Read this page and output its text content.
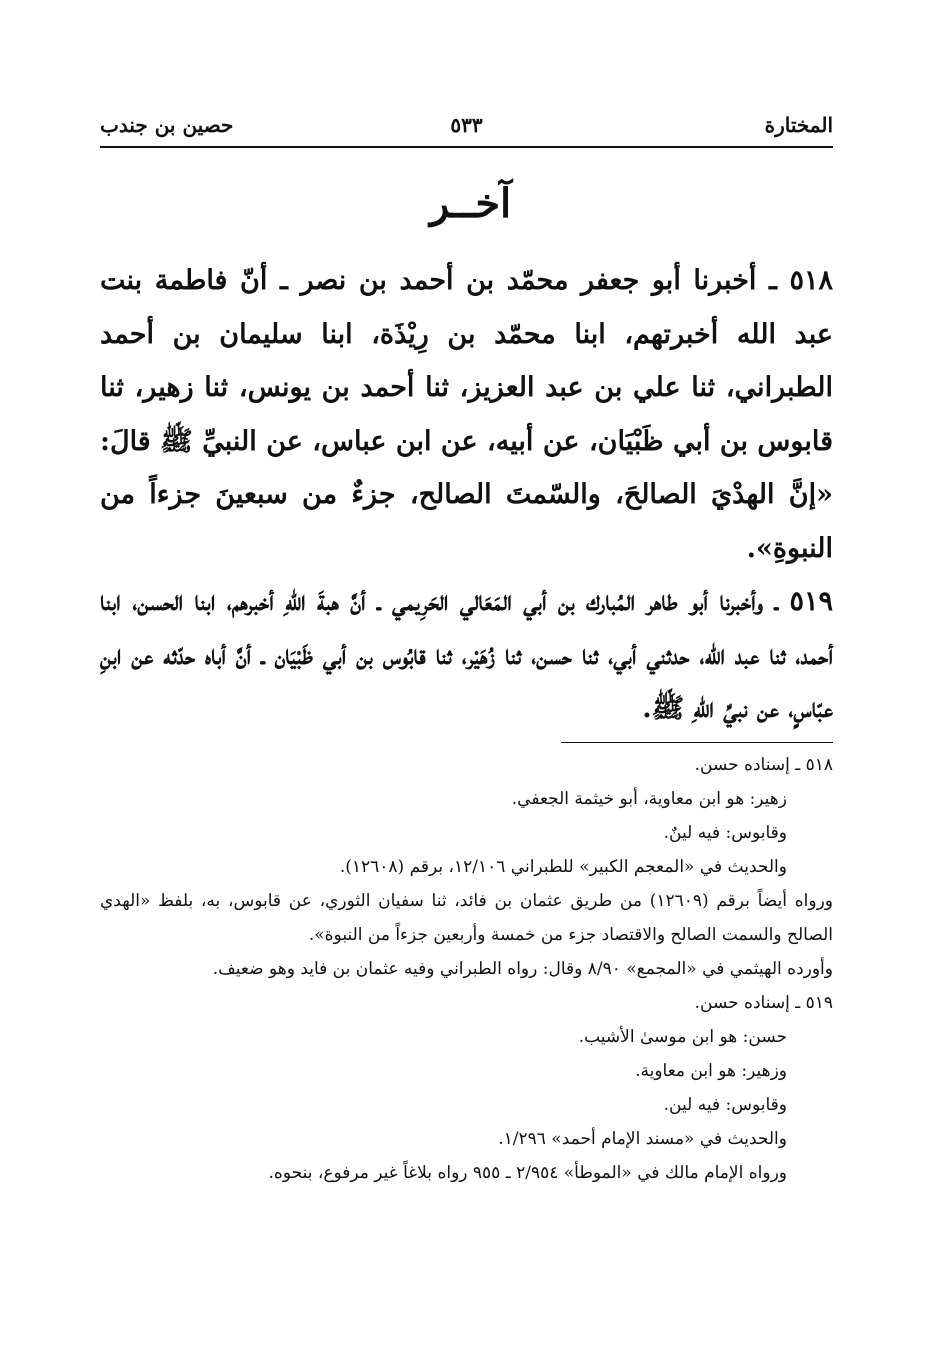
المختارة
٥٣٣
حصين بن جندب
آخــر

٥١٨ ـ أخبرنا أبو جعفر محمّد بن أحمد بن نصر ـ أنّ فاطمة بنت عبد الله أخبرتهم، ابنا محمّد بن رِيْذَة، ابنا سليمان بن أحمد الطبراني، ثنا علي بن عبد العزيز، ثنا أحمد بن يونس، ثنا زهير، ثنا قابوس بن أبي ظَبْيَان، عن أبيه، عن ابن عباس، عن النبيِّ ﷺ قالَ: «إنَّ الهدْيَ الصالحَ، والسّمتَ الصالح، جزءٌ من سبعينَ جزءاً من النبوةِ».

٥١٩ ـ وأخبرنا أبو طاهر المُبارك بن أبي المَعَالي الحَرِيمي ـ أنَّ هبةَ اللّهِ أخبرهم، ابنا الحسن، ابنا أحمد، ثنا عبد الله، حدثني أبي، ثنا حسن، ثنا زُهَيْر، ثنا قابُوس بن أبي ظَبْيَان ـ أنَّ أباه حدّثه عن ابنِ عبّاسٍ، عن نبيِّ اللّهِ ﷺ.

٥١٨ ـ إسناده حسن.

زهير: هو ابن معاوية، أبو خيثمة الجعفي.

وقابوس: فيه لينٌ.

والحديث في «المعجم الكبير» للطبراني ١٢/١٠٦، برقم (١٢٦٠٨).

ورواه أيضاً برقم (١٢٦٠٩) من طريق عثمان بن فائد، ثنا سفيان الثوري، عن قابوس، به، بلفظ «الهدي الصالح والسمت الصالح والاقتصاد جزء من خمسة وأربعين جزءاً من النبوة».

وأورده الهيثمي في «المجمع» ٨/٩٠ وقال: رواه الطبراني وفيه عثمان بن فايد وهو ضعيف.

٥١٩ ـ إسناده حسن.

حسن: هو ابن موسىٰ الأشيب.

وزهير: هو ابن معاوية.

وقابوس: فيه لين.

والحديث في «مسند الإمام أحمد» ١/٢٩٦.

ورواه الإمام مالك في «الموطأ» ٢/٩٥٤ ـ ٩٥٥ رواه بلاغاً غير مرفوع، بنحوه.
